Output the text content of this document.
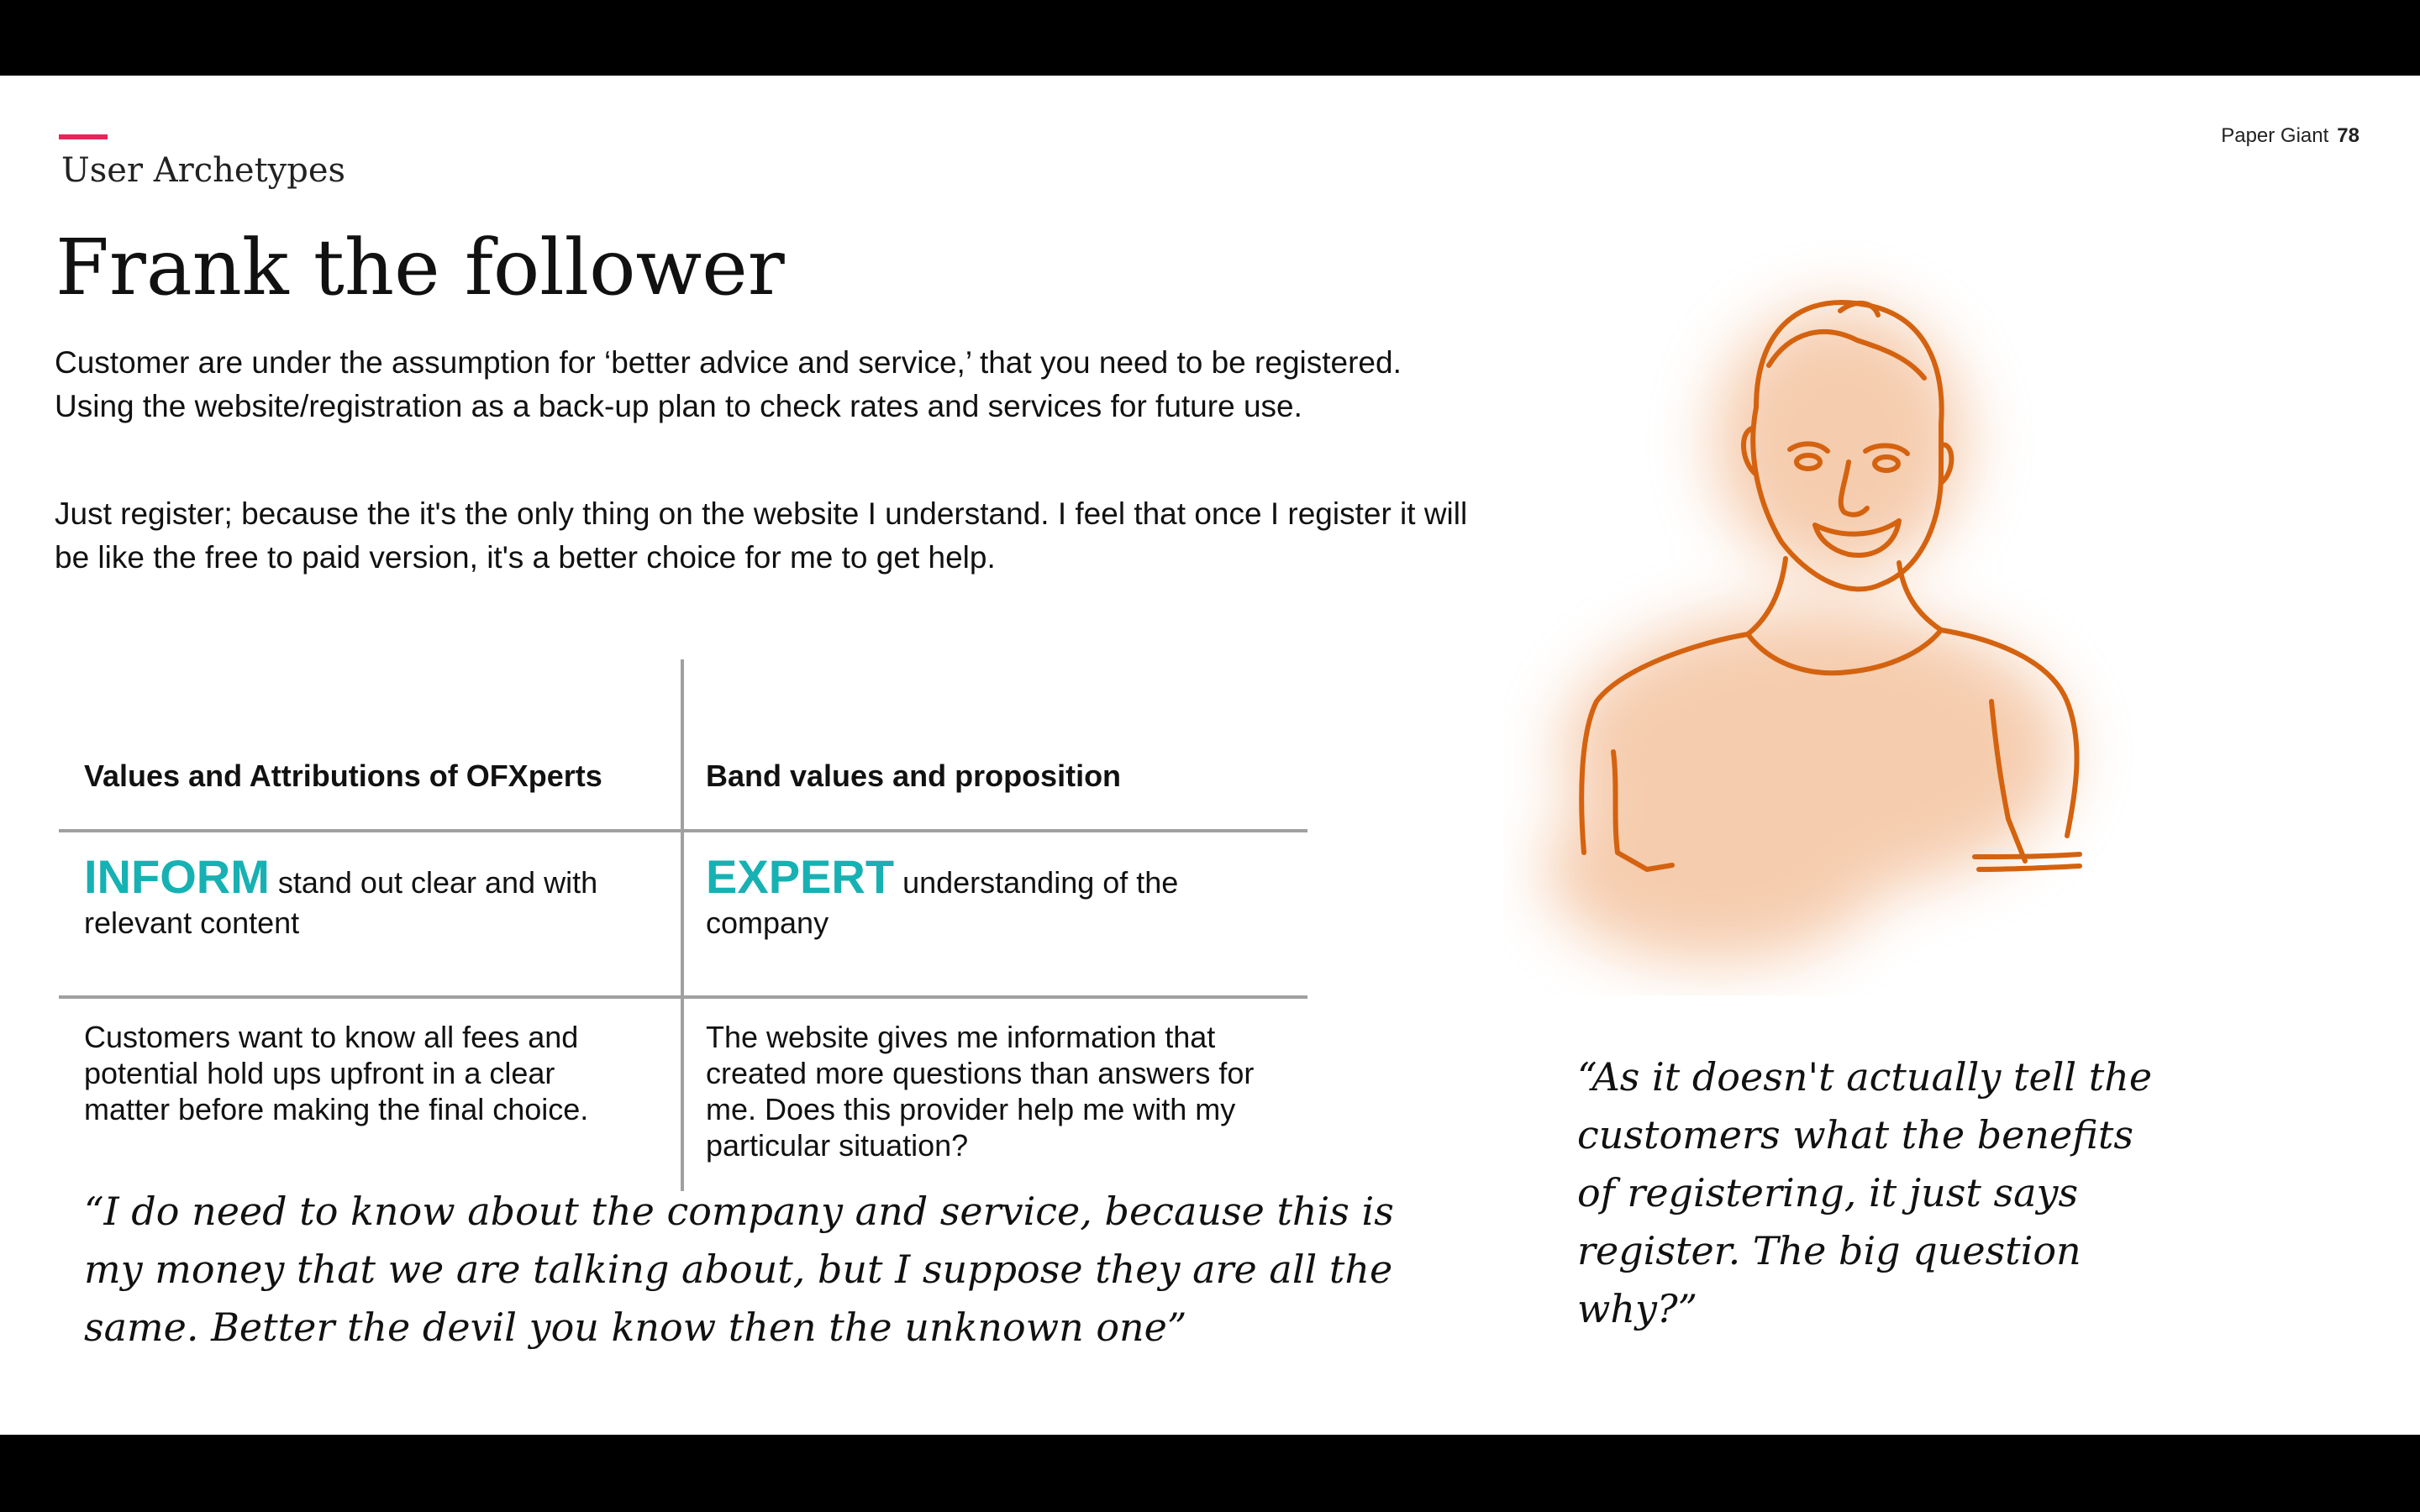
User Archetypes
Paper Giant 78
Frank the follower
Customer are under the assumption for ‘better advice and service,’ that you need to be registered. Using the website/registration as a back-up plan to check rates and services for future use.
Just register; because the it's the only thing on the website I understand. I feel that once I register it will be like the free to paid version, it's a better choice for me to get help.
Values and Attributions of OFXperts	Band values and proposition
INFORM stand out clear and with relevant content
EXPERT understanding of the company
Customers want to know all fees and potential hold ups upfront in a clear matter before making the final choice.
The website gives me information that created more questions than answers for me. Does this provider help me with my particular situation?
“I do need to know about the company and service, because this is my money that we are talking about, but I suppose they are all the same. Better the devil you know then the unknown one”
“As it doesn't actually tell the customers what the benefits of registering, it just says register. The big question why?”
